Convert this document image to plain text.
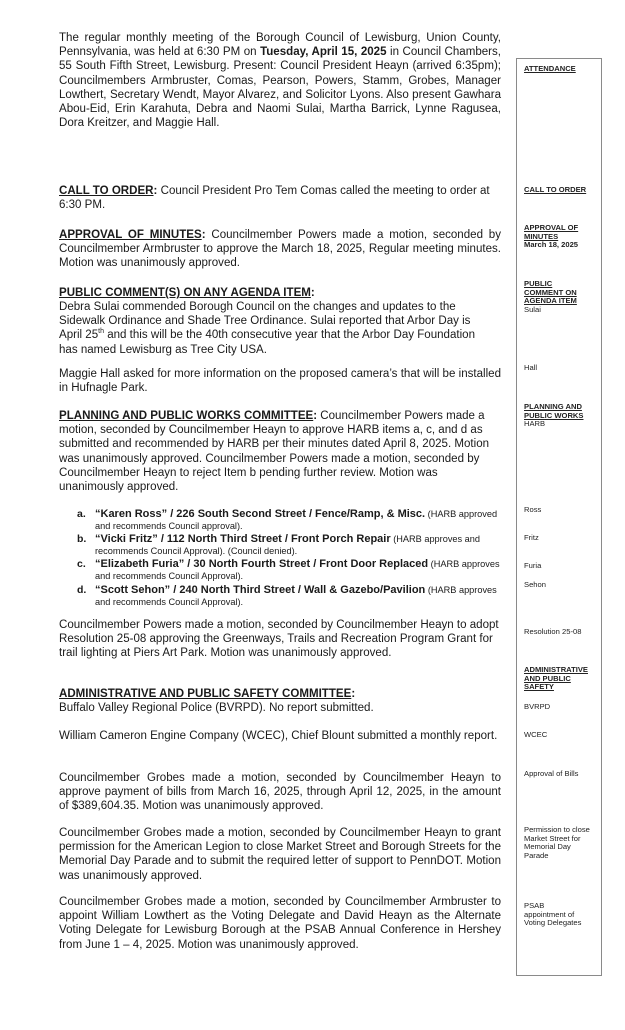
The regular monthly meeting of the Borough Council of Lewisburg, Union County, Pennsylvania, was held at 6:30 PM on Tuesday, April 15, 2025 in Council Chambers, 55 South Fifth Street, Lewisburg. Present: Council President Heayn (arrived 6:35pm); Councilmembers Armbruster, Comas, Pearson, Powers, Stamm, Grobes, Manager Lowthert, Secretary Wendt, Mayor Alvarez, and Solicitor Lyons. Also present Gawhara Abou-Eid, Erin Karahuta, Debra and Naomi Sulai, Martha Barrick, Lynne Ragusea, Dora Kreitzer, and Maggie Hall.
CALL TO ORDER: Council President Pro Tem Comas called the meeting to order at 6:30 PM.
APPROVAL OF MINUTES: Councilmember Powers made a motion, seconded by Councilmember Armbruster to approve the March 18, 2025, Regular meeting minutes. Motion was unanimously approved.
PUBLIC COMMENT(S) ON ANY AGENDA ITEM:
Debra Sulai commended Borough Council on the changes and updates to the Sidewalk Ordinance and Shade Tree Ordinance. Sulai reported that Arbor Day is April 25th and this will be the 40th consecutive year that the Arbor Day Foundation has named Lewisburg as Tree City USA.
Maggie Hall asked for more information on the proposed camera’s that will be installed in Hufnagle Park.
PLANNING AND PUBLIC WORKS COMMITTEE: Councilmember Powers made a motion, seconded by Councilmember Heayn to approve HARB items a, c, and d as submitted and recommended by HARB per their minutes dated April 8, 2025. Motion was unanimously approved. Councilmember Powers made a motion, seconded by Councilmember Heayn to reject Item b pending further review. Motion was unanimously approved.
a. “Karen Ross” / 226 South Second Street / Fence/Ramp, & Misc. (HARB approved and recommends Council approval).
b. “Vicki Fritz” / 112 North Third Street / Front Porch Repair (HARB approves and recommends Council Approval). (Council denied).
c. “Elizabeth Furia” / 30 North Fourth Street / Front Door Replaced (HARB approves and recommends Council Approval).
d. “Scott Sehon” / 240 North Third Street / Wall & Gazebo/Pavilion (HARB approves and recommends Council Approval).
Councilmember Powers made a motion, seconded by Councilmember Heayn to adopt Resolution 25-08 approving the Greenways, Trails and Recreation Program Grant for trail lighting at Piers Art Park. Motion was unanimously approved.
ADMINISTRATIVE AND PUBLIC SAFETY COMMITTEE:
Buffalo Valley Regional Police (BVRPD). No report submitted.
William Cameron Engine Company (WCEC), Chief Blount submitted a monthly report.
Councilmember Grobes made a motion, seconded by Councilmember Heayn to approve payment of bills from March 16, 2025, through April 12, 2025, in the amount of $389,604.35. Motion was unanimously approved.
Councilmember Grobes made a motion, seconded by Councilmember Heayn to grant permission for the American Legion to close Market Street and Borough Streets for the Memorial Day Parade and to submit the required letter of support to PennDOT. Motion was unanimously approved.
Councilmember Grobes made a motion, seconded by Councilmember Armbruster to appoint William Lowthert as the Voting Delegate and David Heayn as the Alternate Voting Delegate for Lewisburg Borough at the PSAB Annual Conference in Hershey from June 1 – 4, 2025. Motion was unanimously approved.
ATTENDANCE
CALL TO ORDER
APPROVAL OF MINUTES
March 18, 2025
PUBLIC COMMENT ON AGENDA ITEM
Sulai
Hall
PLANNING AND PUBLIC WORKS
HARB
Ross
Fritz
Furia
Sehon
Resolution 25-08
ADMINISTRATIVE AND PUBLIC SAFETY
BVRPD
WCEC
Approval of Bills
Permission to close Market Street for Memorial Day Parade
PSAB appointment of Voting Delegates
